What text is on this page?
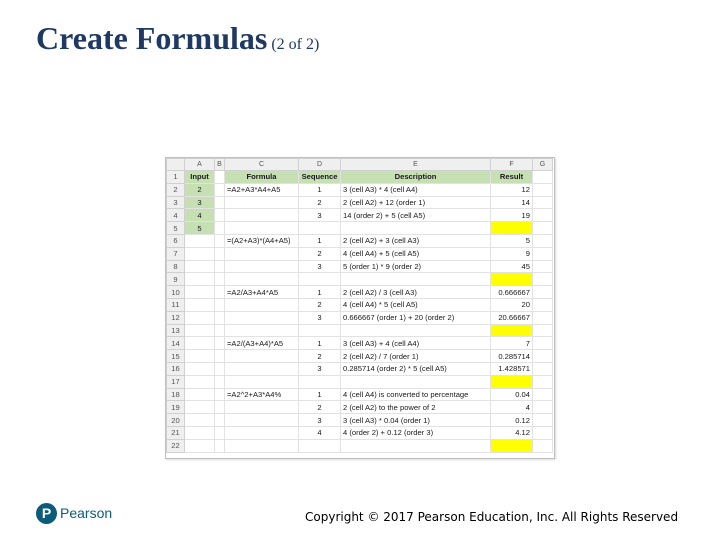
Create Formulas (2 of 2)
	A	B	C	D	E	F	G
1	Input		Formula	Sequence	Description	Result	
2	2		=A2+A3*A4+A5	1	3 (cell A3) * 4 (cell A4)	12	
3	3			2	2 (cell A2) + 12 (order 1)	14	
4	4			3	14 (order 2) + 5 (cell A5)	19	
5	5						
6			=(A2+A3)*(A4+A5)	1	2 (cell A2) + 3 (cell A3)	5	
7				2	4 (cell A4) + 5 (cell A5)	9	
8				3	5 (order 1) * 9 (order 2)	45	
9							
10			=A2/A3+A4*A5	1	2 (cell A2) / 3 (cell A3)	0.666667	
11				2	4 (cell A4) * 5 (cell A5)	20	
12				3	0.666667 (order 1) + 20 (order 2)	20.66667	
13							
14			=A2/(A3+A4)*A5	1	3 (cell A3) + 4 (cell A4)	7	
15				2	2 (cell A2) / 7 (order 1)	0.285714	
16				3	0.285714 (order 2) * 5 (cell A5)	1.428571	
17							
18			=A2^2+A3*A4%	1	4 (cell A4) is converted to percentage	0.04	
19				2	2 (cell A2) to the power of 2	4	
20				3	3 (cell A3) * 0.04 (order 1)	0.12	
21				4	4 (order 2) + 0.12 (order 3)	4.12	
22							
P Pearson	Copyright © 2017 Pearson Education, Inc. All Rights Reserved
